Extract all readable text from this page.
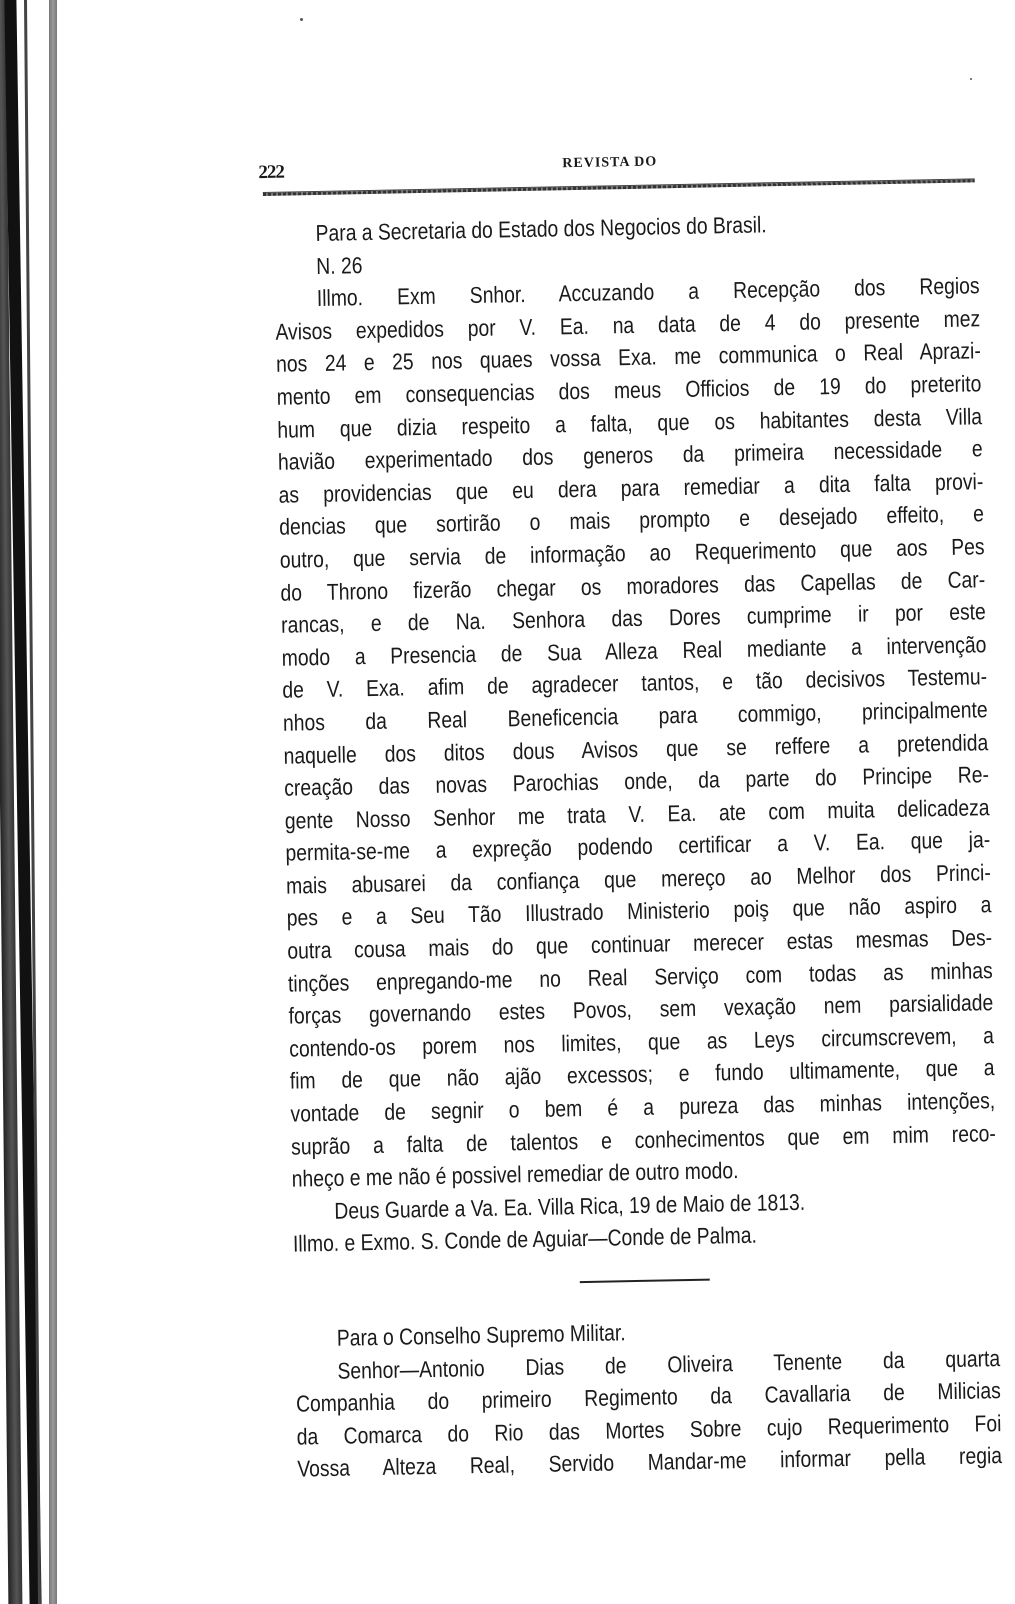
222	REVISTA DO
Para a Secretaria do Estado dos Negocios do Brasil.
N. 26
Illmo. Exm Snhor. Accuzando a Recepção dos Regios
Avisos expedidos por V. Ea. na data de 4 do presente mez
nos 24 e 25 nos quaes vossa Exa. me communica o Real Aprazi-
mento em consequencias dos meus Officios de 19 do preterito
hum que dizia respeito a falta, que os habitantes desta Villa
havião experimentado dos generos da primeira necessidade e
as providencias que eu dera para remediar a dita falta provi-
dencias que sortirão o mais prompto e desejado effeito, e
outro, que servia de informação ao Requerimento que aos Pes
do Throno fizerão chegar os moradores das Capellas de Car-
rancas, e de Na. Senhora das Dores cumprime ir por este
modo a Presencia de Sua Alleza Real mediante a intervenção
de V. Exa. afim de agradecer tantos, e tão decisivos Testemu-
nhos da Real Beneficencia para commigo, principalmente
naquelle dos ditos dous Avisos que se reffere a pretendida
creação das novas Parochias onde, da parte do Principe Re-
gente Nosso Senhor me trata V. Ea. ate com muita delicadeza
permita-se-me a expreção podendo certificar a V. Ea. que ja-
mais abusarei da confiança que mereço ao Melhor dos Princi-
pes e a Seu Tão Illustrado Ministerio poiş que não aspiro a
outra cousa mais do que continuar merecer estas mesmas Des-
tinções enpregando-me no Real Serviço com todas as minhas
forças governando estes Povos, sem vexação nem parsialidade
contendo-os porem nos limites, que as Leys circumscrevem, a
fim de que não ajão excessos; e fundo ultimamente, que a
vontade de segnir o bem é a pureza das minhas intenções,
suprão a falta de talentos e conhecimentos que em mim reco-
nheço e me não é possivel remediar de outro modo.
Deus Guarde a Va. Ea. Villa Rica, 19 de Maio de 1813.
Illmo. e Exmo. S. Conde de Aguiar—Conde de Palma.
Para o Conselho Supremo Militar.
Senhor—Antonio Dias de Oliveira Tenente da quarta
Companhia do primeiro Regimento da Cavallaria de Milicias
da Comarca do Rio das Mortes Sobre cujo Requerimento Foi
Vossa Alteza Real, Servido Mandar-me informar pella regia
